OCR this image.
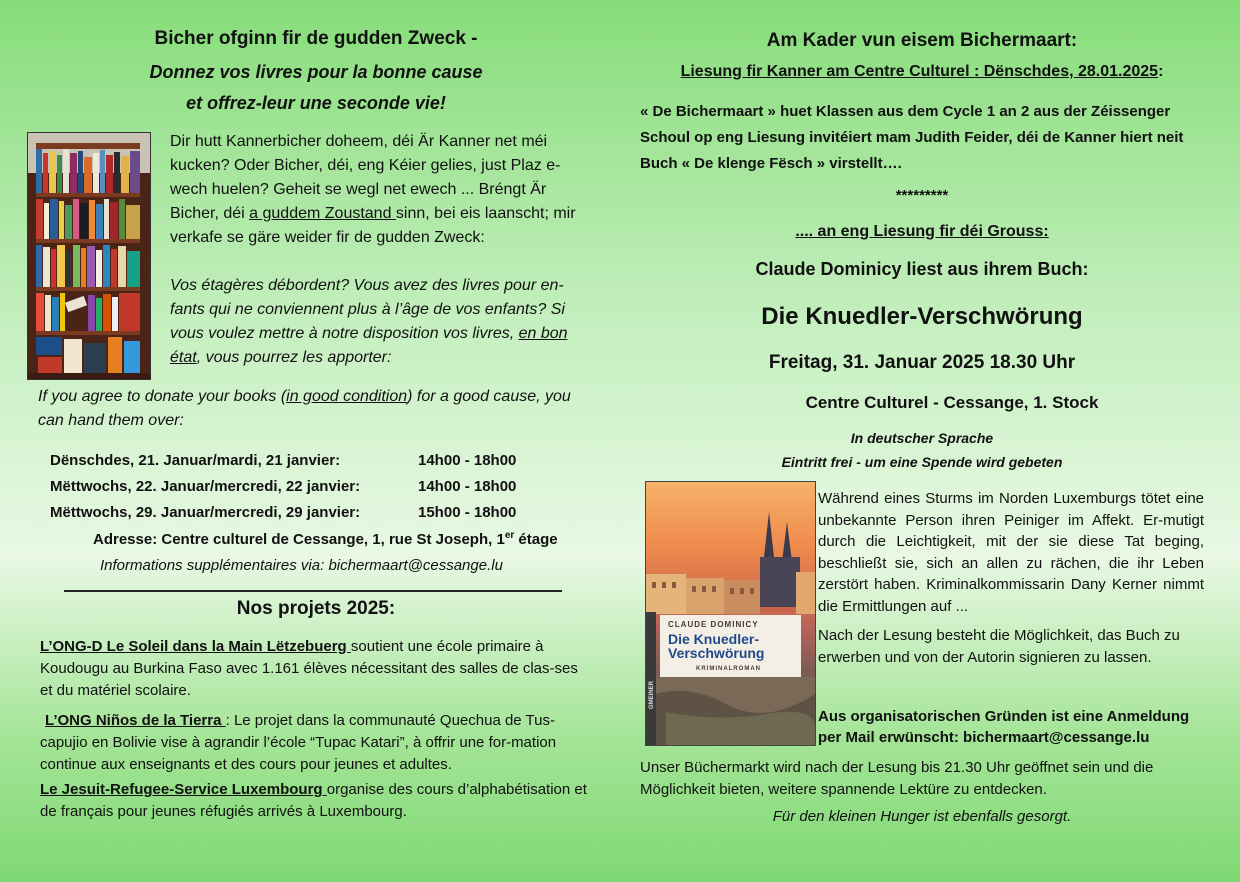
Bicher ofginn fir de gudden Zweck -
Donnez vos livres pour la bonne cause
et offrez-leur une seconde vie!
Dir hutt Kannerbicher doheem, déi Är Kanner net méi kucken? Oder Bicher, déi, eng Kéier gelies, just Plaz e-wech huelen? Geheit se wegl net ewech ... Bréngt Är Bicher, déi a guddem Zoustand sinn, bei eis laanscht; mir verkafe se gäre weider fir de gudden Zweck:
Vos étagères débordent? Vous avez des livres pour en-fants qui ne conviennent plus à l’âge de vos enfants? Si vous voulez mettre à notre disposition vos livres, en bon état, vous pourrez les apporter:
If you agree to donate your books (in good condition) for a good cause, you can hand them over:
Dënschdes, 21. Januar/mardi, 21 janvier:	14h00 - 18h00
Mëttwochs, 22. Januar/mercredi, 22 janvier:	14h00 - 18h00
Mëttwochs, 29. Januar/mercredi, 29 janvier:	15h00 - 18h00
Adresse: Centre culturel de Cessange, 1, rue St Joseph, 1er étage
Informations supplémentaires via: bichermaart@cessange.lu
Nos projets 2025:
L’ONG-D Le Soleil dans la Main Lëtzebuerg soutient une école primaire à Koudougu au Burkina Faso avec 1.161 élèves nécessitant des salles de clas-ses et du matériel scolaire.
L’ONG Niños de la Tierra : Le projet dans la communauté Quechua de Tus-capujio en Bolivie vise à agrandir l’école “Tupac Katari”, à offrir une for-mation continue aux enseignants et des cours pour jeunes et adultes.
Le Jesuit-Refugee-Service Luxembourg organise des cours d’alphabétisation et de français pour jeunes réfugiés arrivés à Luxembourg.
Am Kader vun eisem Bichermaart:
Liesung fir Kanner am Centre Culturel : Dënschdes, 28.01.2025:
« De Bichermaart » huet Klassen aus dem Cycle 1 an 2 aus der Zéissenger Schoul op eng Liesung invitéiert mam Judith Feider, déi de Kanner hiert neit Buch « De klenge Fësch » virstellt….
*********
.... an eng Liesung fir déi Grouss:
Claude Dominicy liest aus ihrem Buch:
Die Knuedler-Verschwörung
Freitag, 31. Januar 2025 18.30 Uhr
Centre Culturel - Cessange, 1. Stock
In deutscher Sprache
Eintritt frei - um eine Spende wird gebeten
CLAUDE DOMINICY
Die Knuedler-
Verschwörung
KRIMINALROMAN
GMEINER
Während eines Sturms im Norden Luxemburgs tötet eine unbekannte Person ihren Peiniger im Affekt. Er-mutigt durch die Leichtigkeit, mit der sie diese Tat beging, beschließt sie, sich an allen zu rächen, die ihr Leben zerstört haben. Kriminalkommissarin Dany Kerner nimmt die Ermittlungen auf ...
Nach der Lesung besteht die Möglichkeit, das Buch zu erwerben und von der Autorin signieren zu lassen.
Aus organisatorischen Gründen ist eine Anmeldung per Mail erwünscht: bichermaart@cessange.lu
Unser Büchermarkt wird nach der Lesung bis 21.30 Uhr geöffnet sein und die Möglichkeit bieten, weitere spannende Lektüre zu entdecken.
Für den kleinen Hunger ist ebenfalls gesorgt.
